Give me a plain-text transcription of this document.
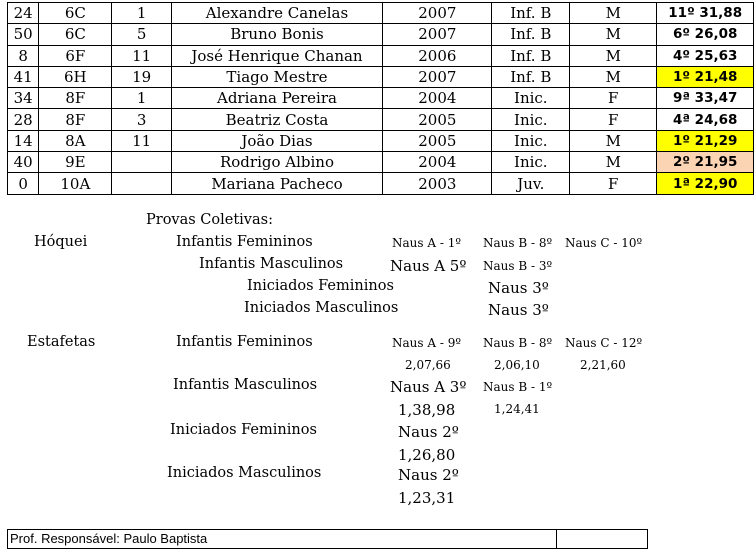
24	6C	1	Alexandre Canelas	2007	Inf. B	M	11º 31,88
50	6C	5	Bruno Bonis	2007	Inf. B	M	6º 26,08
8	6F	11	José Henrique Chanan	2006	Inf. B	M	4º 25,63
41	6H	19	Tiago Mestre	2007	Inf. B	M	1º 21,48
34	8F	1	Adriana Pereira	2004	Inic.	F	9ª 33,47
28	8F	3	Beatriz Costa	2005	Inic.	F	4ª 24,68
14	8A	11	João Dias	2005	Inic.	M	1º 21,29
40	9E		Rodrigo Albino	2004	Inic.	M	2º 21,95
0	10A		Mariana Pacheco	2003	Juv.	F	1ª 22,90
Provas Coletivas:
Hóquei	Infantis Femininos	Naus A - 1º Naus B - 8º Naus C - 10º
Infantis Masculinos	Naus A 5º Naus B - 3º
Iniciados Femininos	Naus 3º
Iniciados Masculinos	Naus 3º
Estafetas	Infantis Femininos	Naus A - 9º Naus B - 8º Naus C - 12º
2,07,66	2,06,10	2,21,60
Infantis Masculinos	Naus A 3º Naus B - 1º
1,38,98	1,24,41
Iniciados Femininos	Naus 2º
1,26,80
Iniciados Masculinos	Naus 2º
1,23,31
Prof. Responsável: Paulo Baptista	
